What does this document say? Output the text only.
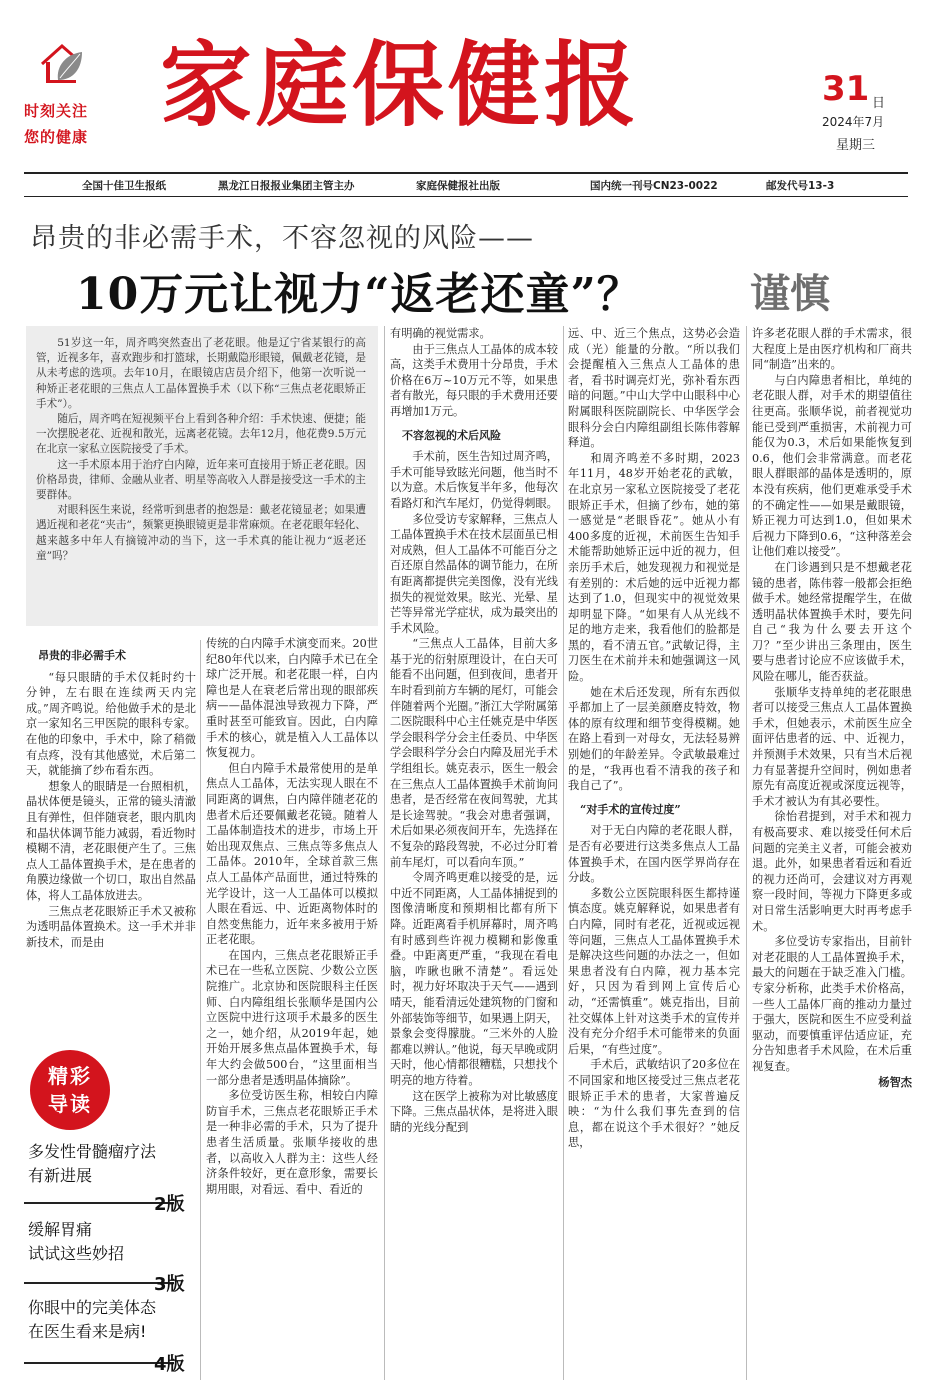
时刻关注
您的健康 家庭保健报	31 日
2024年7月
星期三
全国十佳卫生报纸	黑龙江日报报业集团主管主办	家庭保健报社出版	国内统一刊号CN23-0022	邮发代号13-3
昂贵的非必需手术，不容忽视的风险——
10万元让视力“返老还童”？	谨慎

51岁这一年，周齐鸣突然查出了老花眼。他是辽宁省某银行的高管，近视多年，喜欢跑步和打篮球，长期戴隐形眼镜，佩戴老花镜，是从未考虑的选项。去年10月，在眼镜店店员介绍下，他第一次听说一种矫正老花眼的三焦点人工晶体置换手术（以下称“三焦点老花眼矫正手术”）。

随后，周齐鸣在短视频平台上看到各种介绍：手术快速、便捷；能一次摆脱老花、近视和散光，远离老花镜。去年12月，他花费9.5万元在北京一家私立医院接受了手术。

这一手术原本用于治疗白内障，近年来可直接用于矫正老花眼。因价格昂贵，律师、金融从业者、明星等高收入人群是接受这一手术的主要群体。

对眼科医生来说，经常听到患者的抱怨是：戴老花镜显老；如果遭遇近视和老花“夹击”，频繁更换眼镜更是非常麻烦。在老花眼年轻化、越来越多中年人有摘镜冲动的当下，这一手术真的能让视力“返老还童”吗？

昂贵的非必需手术

“每只眼睛的手术仅耗时约十分钟，左右眼在连续两天内完成。”周齐鸣说。给他做手术的是北京一家知名三甲医院的眼科专家。在他的印象中，手术中，除了稍微有点疼，没有其他感觉，术后第二天，就能摘了纱布看东西。

想象人的眼睛是一台照相机，晶状体便是镜头，正常的镜头清澈且有弹性，但伴随衰老，眼内肌肉和晶状体调节能力减弱，看近物时模糊不清，老花眼便产生了。三焦点人工晶体置换手术，是在患者的角膜边缘做一个切口，取出自然晶体，将人工晶体放进去。

三焦点老花眼矫正手术又被称为透明晶体置换术。这一手术并非新技术，而是由

精彩
导读
多发性骨髓瘤疗法
有新进展
2版
缓解胃痛
试试这些妙招
3版
你眼中的完美体态
在医生看来是病!
4版

传统的白内障手术演变而来。20世纪80年代以来，白内障手术已在全球广泛开展。和老花眼一样，白内障也是人在衰老后常出现的眼部疾病——晶体混浊导致视力下降，严重时甚至可能致盲。因此，白内障手术的核心，就是植入人工晶体以恢复视力。

但白内障手术最常使用的是单焦点人工晶体，无法实现人眼在不同距离的调焦，白内障伴随老花的患者术后还要佩戴老花镜。随着人工晶体制造技术的进步，市场上开始出现双焦点、三焦点等多焦点人工晶体。2010年，全球首款三焦点人工晶体产品面世，通过特殊的光学设计，这一人工晶体可以模拟人眼在看远、中、近距离物体时的自然变焦能力，近年来多被用于矫正老花眼。

在国内，三焦点老花眼矫正手术已在一些私立医院、少数公立医院推广。北京协和医院眼科主任医师、白内障组组长张顺华是国内公立医院中进行这项手术最多的医生之一，她介绍，从2019年起，她开始开展多焦点晶体置换手术，每年大约会做500台，“这里面相当一部分患者是透明晶体摘除”。

多位受访医生称，相较白内障防盲手术，三焦点老花眼矫正手术是一种非必需的手术，只为了提升患者生活质量。张顺华接收的患者，以高收入人群为主：这些人经济条件较好，更在意形象，需要长期用眼，对看远、看中、看近的

有明确的视觉需求。

由于三焦点人工晶体的成本较高，这类手术费用十分昂贵，手术价格在6万~10万元不等，如果患者有散光，每只眼的手术费用还要再增加1万元。

不容忽视的术后风险

手术前，医生告知过周齐鸣，手术可能导致眩光问题，他当时不以为意。术后恢复半年多，他每次看路灯和汽车尾灯，仍觉得刺眼。

多位受访专家解释，三焦点人工晶体置换手术在技术层面虽已相对成熟，但人工晶体不可能百分之百还原自然晶体的调节能力，在所有距离都提供完美图像，没有光线损失的视觉效果。眩光、光晕、星芒等异常光学症状，成为最突出的手术风险。

“三焦点人工晶体，目前大多基于光的衍射原理设计，在白天可能看不出问题，但到夜间，患者开车时看到前方车辆的尾灯，可能会伴随着两个光圈。”浙江大学附属第二医院眼科中心主任姚克是中华医学会眼科学分会主任委员、中华医学会眼科学分会白内障及屈光手术学组组长。姚克表示，医生一般会在三焦点人工晶体置换手术前询问患者，是否经常在夜间驾驶，尤其是长途驾驶。“我会对患者强调，术后如果必须夜间开车，先选择在不复杂的路段驾驶，不必过分盯着前车尾灯，可以看向车顶。”

令周齐鸣更难以接受的是，远中近不同距离，人工晶体捕捉到的图像清晰度和预期相比都有所下降。近距离看手机屏幕时，周齐鸣有时感到些许视力模糊和影像重叠。中距离更严重，“我现在看电脑，咋瞅也瞅不清楚”。看远处时，视力好坏取决于天气——遇到晴天，能看清远处建筑物的门窗和外部装饰等细节，如果遇上阴天，景象会变得朦胧。“三米外的人脸都难以辨认。”他说，每天早晚或阴天时，他心情都很糟糕，只想找个明亮的地方待着。

这在医学上被称为对比敏感度下降。三焦点晶状体，是将进入眼睛的光线分配到

远、中、近三个焦点，这势必会造成（光）能量的分散。“所以我们会提醒植入三焦点人工晶体的患者，看书时调亮灯光，弥补看东西暗的问题。”中山大学中山眼科中心附属眼科医院副院长、中华医学会眼科分会白内障组副组长陈伟蓉解释道。

和周齐鸣差不多时期，2023年11月，48岁开始老花的武敏，在北京另一家私立医院接受了老花眼矫正手术，但摘了纱布，她的第一感觉是“老眼昏花”。她从小有400多度的近视，术前医生告知手术能帮助她矫正远中近的视力，但亲历手术后，她发现视力和视觉是有差别的：术后她的远中近视力都达到了1.0，但现实中的视觉效果却明显下降。“如果有人从光线不足的地方走来，我看他们的脸都是黑的，看不清五官。”武敏记得，主刀医生在术前并未和她强调这一风险。

她在术后还发现，所有东西似乎都加上了一层美颜磨皮特效，物体的原有纹理和细节变得模糊。她在路上看到一对母女，无法轻易辨别她们的年龄差异。令武敏最难过的是，“我再也看不清我的孩子和我自己了”。

“对手术的宣传过度”

对于无白内障的老花眼人群，是否有必要进行这类多焦点人工晶体置换手术，在国内医学界尚存在分歧。

多数公立医院眼科医生都持谨慎态度。姚克解释说，如果患者有白内障，同时有老花，近视或远视等问题，三焦点人工晶体置换手术是解决这些问题的办法之一，但如果患者没有白内障，视力基本完好，只因为看到网上宣传后心动，“还需慎重”。姚克指出，目前社交媒体上针对这类手术的宣传并没有充分介绍手术可能带来的负面后果，“有些过度”。

手术后，武敏结识了20多位在不同国家和地区接受过三焦点老花眼矫正手术的患者，大家普遍反映：“为什么我们事先查到的信息，都在说这个手术很好？”她反思，

许多老花眼人群的手术需求，很大程度上是由医疗机构和厂商共同“制造”出来的。

与白内障患者相比，单纯的老花眼人群，对手术的期望值往往更高。张顺华说，前者视觉功能已受到严重损害，术前视力可能仅为0.3，术后如果能恢复到0.6，他们会非常满意。而老花眼人群眼部的晶体是透明的，原本没有疾病，他们更难承受手术的不确定性——如果是戴眼镜，矫正视力可达到1.0，但如果术后视力下降到0.6，“这种落差会让他们难以接受”。

在门诊遇到只是不想戴老花镜的患者，陈伟蓉一般都会拒绝做手术。她经常提醒学生，在做透明晶状体置换手术时，要先问自己“我为什么要去开这个刀？”至少讲出三条理由，医生要与患者讨论应不应该做手术，风险在哪儿，能否获益。

张顺华支持单纯的老花眼患者可以接受三焦点人工晶体置换手术，但她表示，术前医生应全面评估患者的远、中、近视力，并预测手术效果，只有当术后视力有显著提升空间时，例如患者原先有高度近视或深度远视等，手术才被认为有其必要性。

徐怡君提到，对手术和视力有极高要求、难以接受任何术后问题的完美主义者，可能会被劝退。此外，如果患者看远和看近的视力还尚可，会建议对方再观察一段时间，等视力下降更多或对日常生活影响更大时再考虑手术。

多位受访专家指出，目前针对老花眼的人工晶体置换手术，最大的问题在于缺乏准入门槛。专家分析称，此类手术价格高，一些人工晶体厂商的推动力量过于强大，医院和医生不应受利益驱动，而要慎重评估适应证，充分告知患者手术风险，在术后重视复查。

杨智杰
